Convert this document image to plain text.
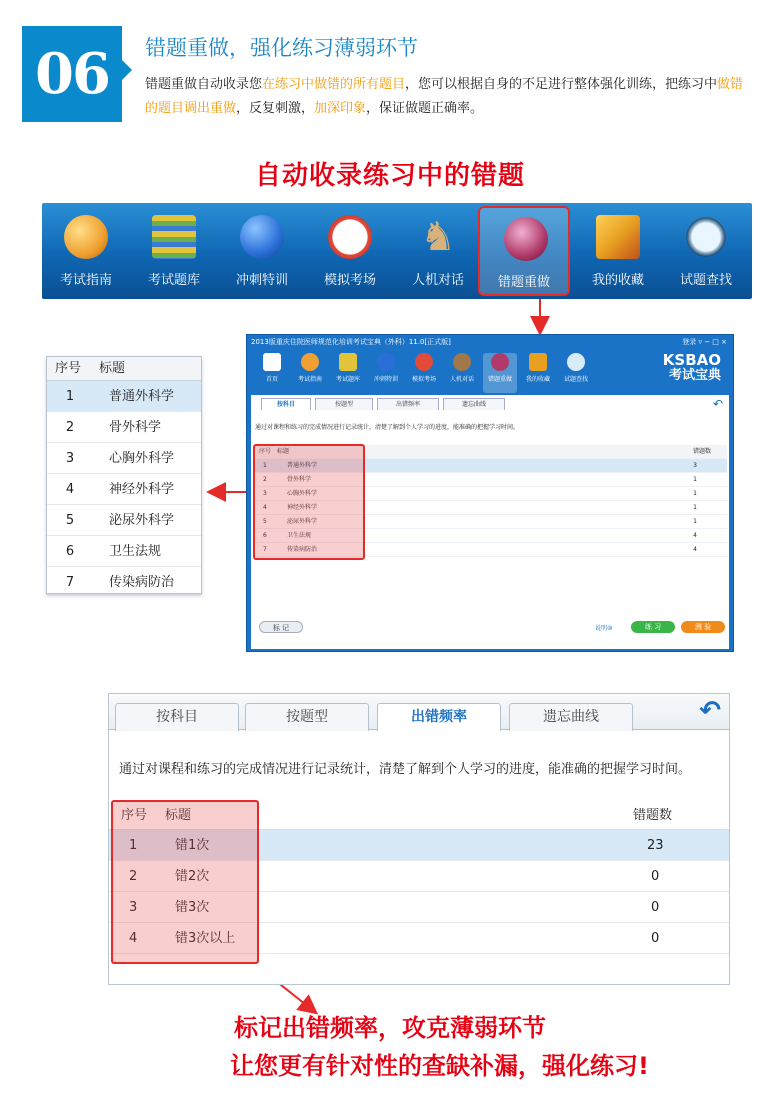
06	错题重做，强化练习薄弱环节
错题重做自动收录您在练习中做错的所有题目，您可以根据自身的不足进行整体强化训练，把练习中做错的题目调出重做，反复刺激，加深印象，保证做题正确率。
自动收录练习中的错题
考试指南	考试题库	冲刺特训	模拟考场
♞
人机对话	错题重做	我的收藏	试题查找
2013版重庆住院医师规范化培训考试宝典（外科）11.0[正式版]	登录 ▿ − □ ×
KSBAO
考试宝典
首页	考试指南	考试题库	冲刺特训	模拟考场	人机对话	错题重做	我的收藏	试题查找
按科目	按题型	出错频率	遗忘曲线	↶
通过对课程和练习的完成情况进行记录统计，清楚了解到个人学习的进度，能准确的把握学习时间。
序号 标题	错题数
1	普通外科学	3
2	骨外科学	1
3	心胸外科学	1
4	神经外科学	1
5	泌尿外科学	1
6	卫生法规	4
7	传染病防治	4
标 记	说明⑩	练 习	测 验
正式测试题量：13007 题	软件版本：11.0 主程序版本：2013.05.09.1
序号 标题
1	普通外科学
2	骨外科学
3	心胸外科学
4	神经外科学
5	泌尿外科学
6	卫生法规
7	传染病防治
按科目	按题型	出错频率	遗忘曲线	↶
通过对课程和练习的完成情况进行记录统计，清楚了解到个人学习的进度，能准确的把握学习时间。
序号 标题	错题数
1	错1次	23
2	错2次	0
3	错3次	0
4	错3次以上	0
标记出错频率，攻克薄弱环节
让您更有针对性的查缺补漏，强化练习!
